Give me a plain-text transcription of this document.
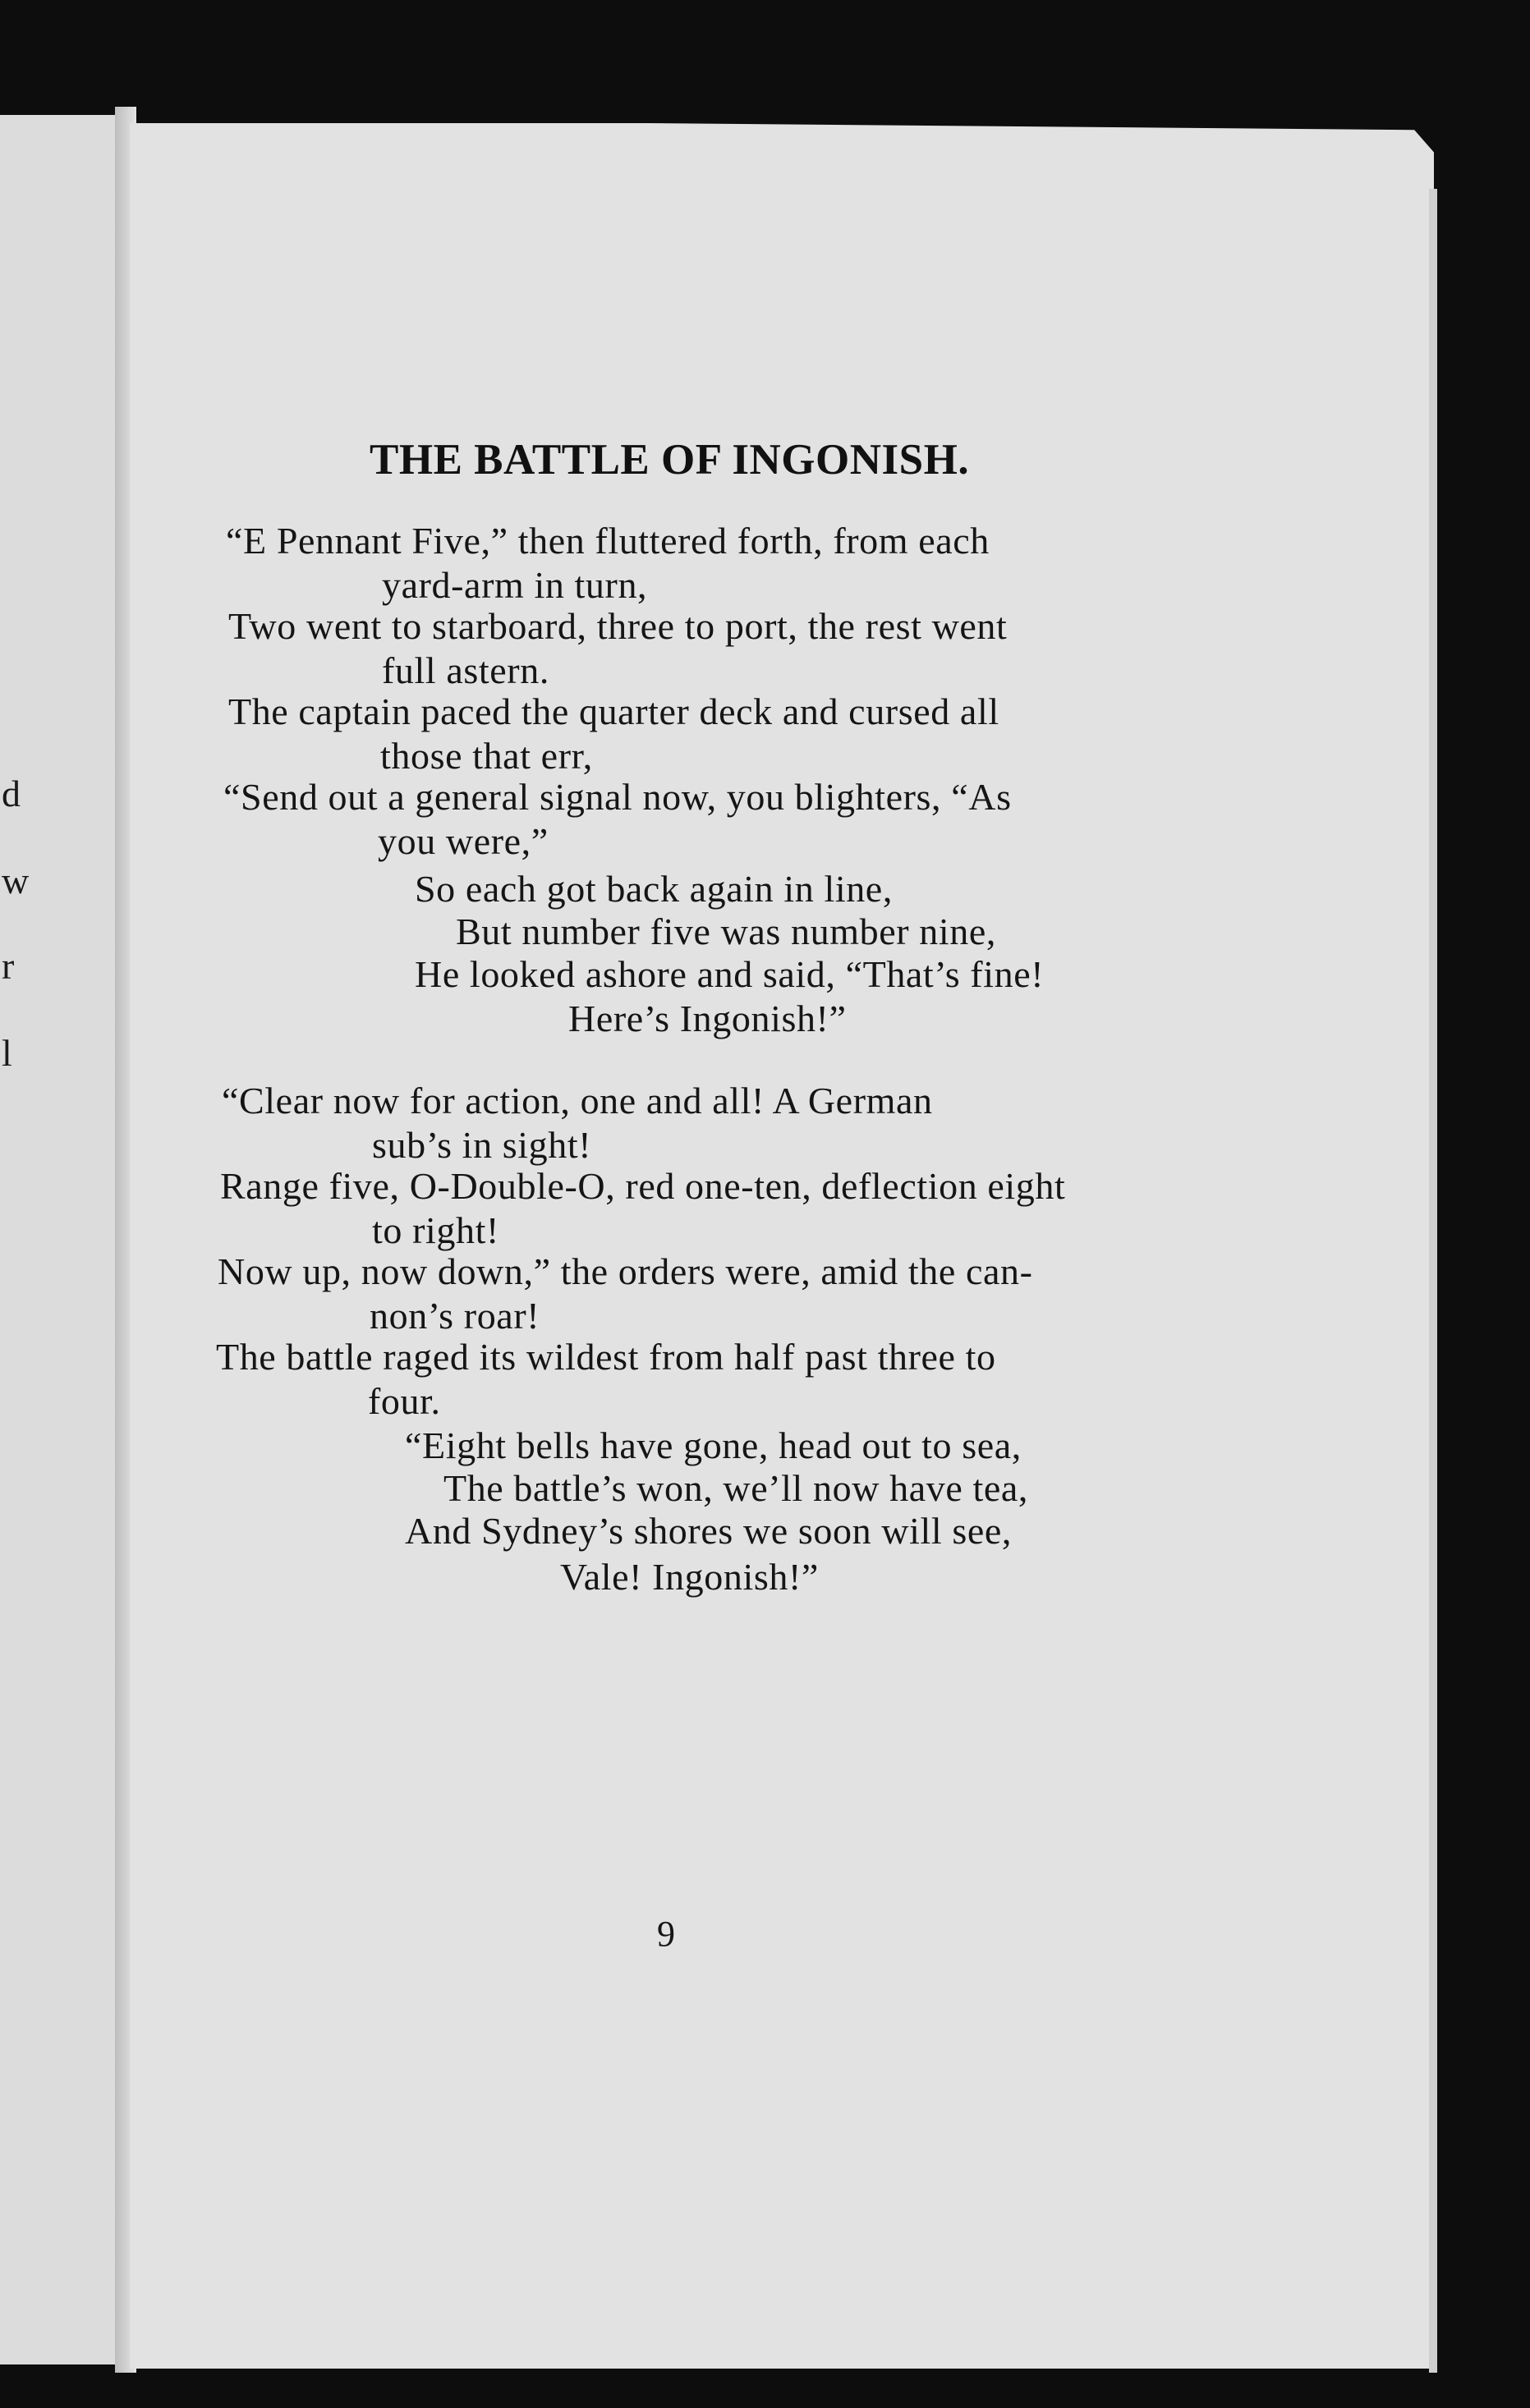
d
w
r
l
THE BATTLE OF INGONISH.
“E Pennant Five,” then fluttered forth, from each
yard-arm in turn,
Two went to starboard, three to port, the rest went
full astern.
The captain paced the quarter deck and cursed all
those that err,
“Send out a general signal now, you blighters, “As
you were,”
So each got back again in line,
But number five was number nine,
He looked ashore and said, “That’s fine!
Here’s Ingonish!”
“Clear now for action, one and all! A German
sub’s in sight!
Range five, O-Double-O, red one-ten, deflection eight
to right!
Now up, now down,” the orders were, amid the can-
non’s roar!
The battle raged its wildest from half past three to
four.
“Eight bells have gone, head out to sea,
The battle’s won, we’ll now have tea,
And Sydney’s shores we soon will see,
Vale! Ingonish!”
9
